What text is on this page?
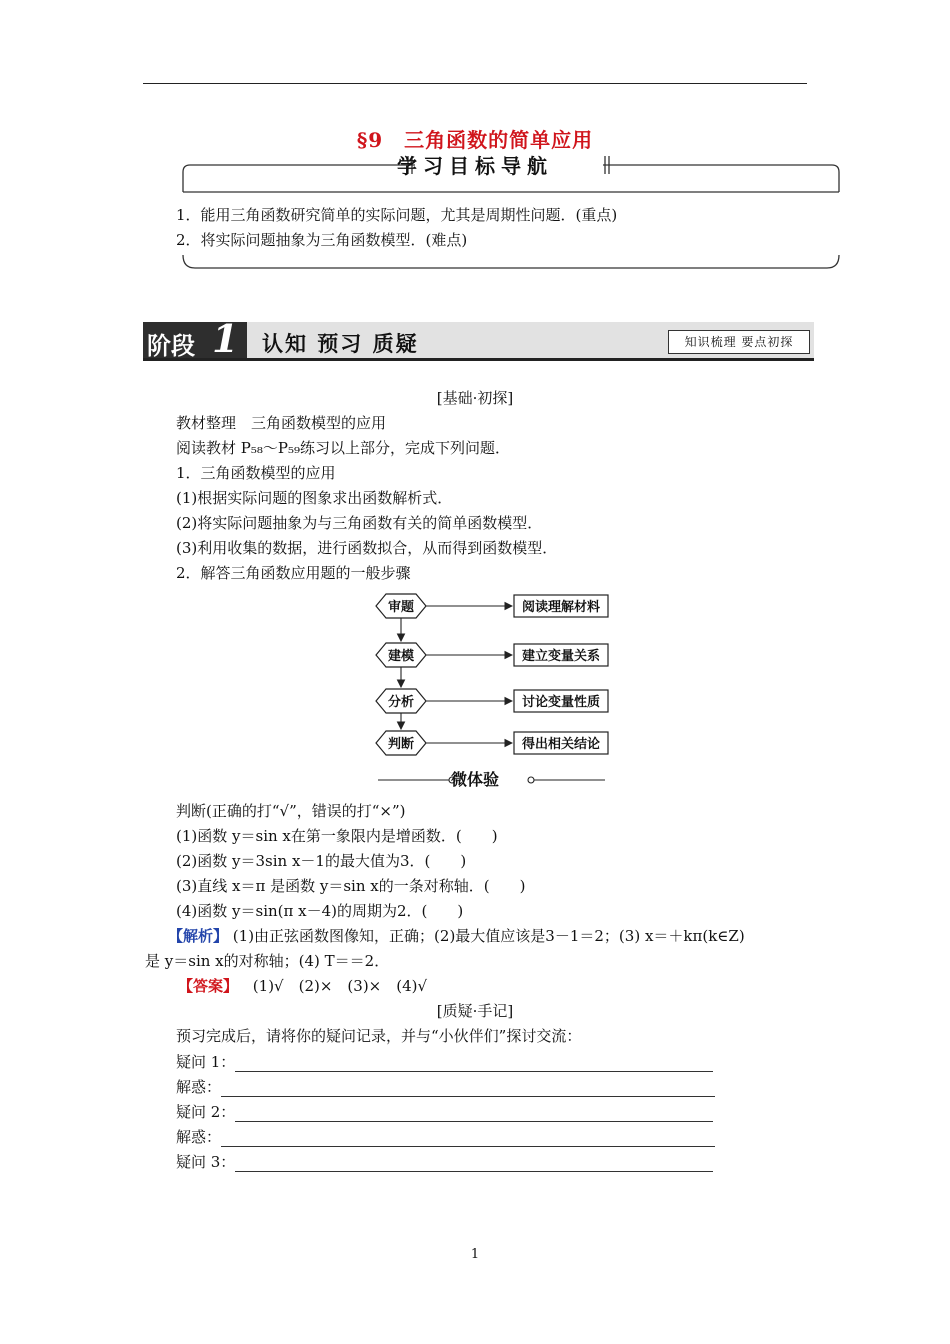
§9　三角函数的简单应用
学习目标导航
1．能用三角函数研究简单的实际问题，尤其是周期性问题．(重点)
2．将实际问题抽象为三角函数模型．(难点)
阶段 1 认知 预习 质疑	知识梳理 要点初探
[基础·初探]
教材整理　三角函数模型的应用
阅读教材 P₅₈～P₅₉练习以上部分，完成下列问题．
1．三角函数模型的应用
(1)根据实际问题的图象求出函数解析式．
(2)将实际问题抽象为与三角函数有关的简单函数模型．
(3)利用收集的数据，进行函数拟合，从而得到函数模型．
2．解答三角函数应用题的一般步骤
审题
建模
分析
判断
阅读理解材料
建立变量关系
讨论变量性质
得出相关结论
微体验
判断(正确的打“√”，错误的打“×”)
(1)函数 y＝sin x在第一象限内是增函数．(　　)
(2)函数 y＝3sin x－1的最大值为3．(　　)
(3)直线 x＝π 是函数 y＝sin x的一条对称轴．(　　)
(4)函数 y＝sin(π x－4)的周期为2．(　　)
【解析】 (1)由正弦函数图像知，正确；(2)最大值应该是3－1＝2；(3) x＝＋kπ(k∈Z)
是 y＝sin x的对称轴；(4) T＝＝2．
【答案】 (1)√　(2)×　(3)×　(4)√
[质疑·手记]
预习完成后，请将你的疑问记录，并与“小伙伴们”探讨交流：
疑问 1：
解惑：
疑问 2：
解惑：
疑问 3：
1
